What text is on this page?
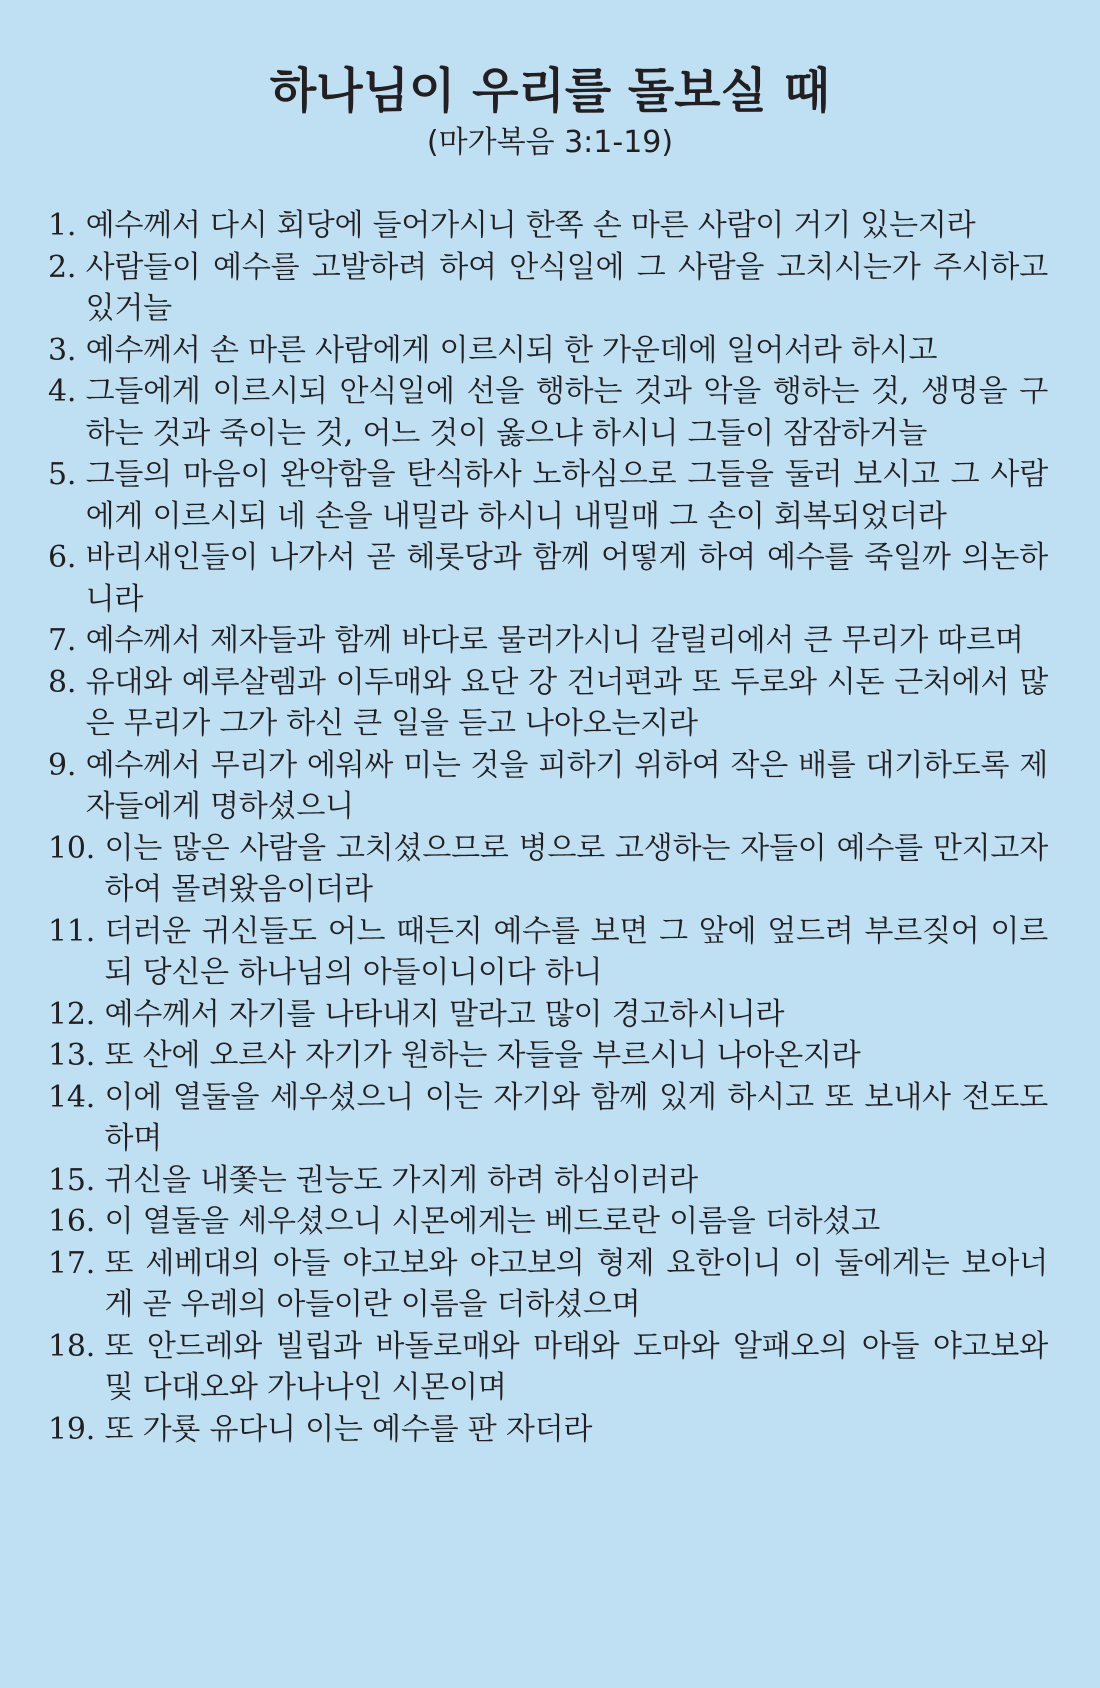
하나님이 우리를 돌보실 때

(마가복음 3:1-19)

1. 예수께서 다시 회당에 들어가시니 한쪽 손 마른 사람이 거기 있는지라
2. 사람들이 예수를 고발하려 하여 안식일에 그 사람을 고치시는가 주시하고 있거늘
3. 예수께서 손 마른 사람에게 이르시되 한 가운데에 일어서라 하시고
4. 그들에게 이르시되 안식일에 선을 행하는 것과 악을 행하는 것, 생명을 구하는 것과 죽이는 것, 어느 것이 옳으냐 하시니 그들이 잠잠하거늘
5. 그들의 마음이 완악함을 탄식하사 노하심으로 그들을 둘러 보시고 그 사람에게 이르시되 네 손을 내밀라 하시니 내밀매 그 손이 회복되었더라
6. 바리새인들이 나가서 곧 헤롯당과 함께 어떻게 하여 예수를 죽일까 의논하니라
7. 예수께서 제자들과 함께 바다로 물러가시니 갈릴리에서 큰 무리가 따르며
8. 유대와 예루살렘과 이두매와 요단 강 건너편과 또 두로와 시돈 근처에서 많은 무리가 그가 하신 큰 일을 듣고 나아오는지라
9. 예수께서 무리가 에워싸 미는 것을 피하기 위하여 작은 배를 대기하도록 제자들에게 명하셨으니
10. 이는 많은 사람을 고치셨으므로 병으로 고생하는 자들이 예수를 만지고자 하여 몰려왔음이더라
11. 더러운 귀신들도 어느 때든지 예수를 보면 그 앞에 엎드려 부르짖어 이르되 당신은 하나님의 아들이니이다 하니
12. 예수께서 자기를 나타내지 말라고 많이 경고하시니라
13. 또 산에 오르사 자기가 원하는 자들을 부르시니 나아온지라
14. 이에 열둘을 세우셨으니 이는 자기와 함께 있게 하시고 또 보내사 전도도 하며
15. 귀신을 내쫓는 권능도 가지게 하려 하심이러라
16. 이 열둘을 세우셨으니 시몬에게는 베드로란 이름을 더하셨고
17. 또 세베대의 아들 야고보와 야고보의 형제 요한이니 이 둘에게는 보아너게 곧 우레의 아들이란 이름을 더하셨으며
18. 또 안드레와 빌립과 바돌로매와 마태와 도마와 알패오의 아들 야고보와 및 다대오와 가나나인 시몬이며
19. 또 가룟 유다니 이는 예수를 판 자더라
